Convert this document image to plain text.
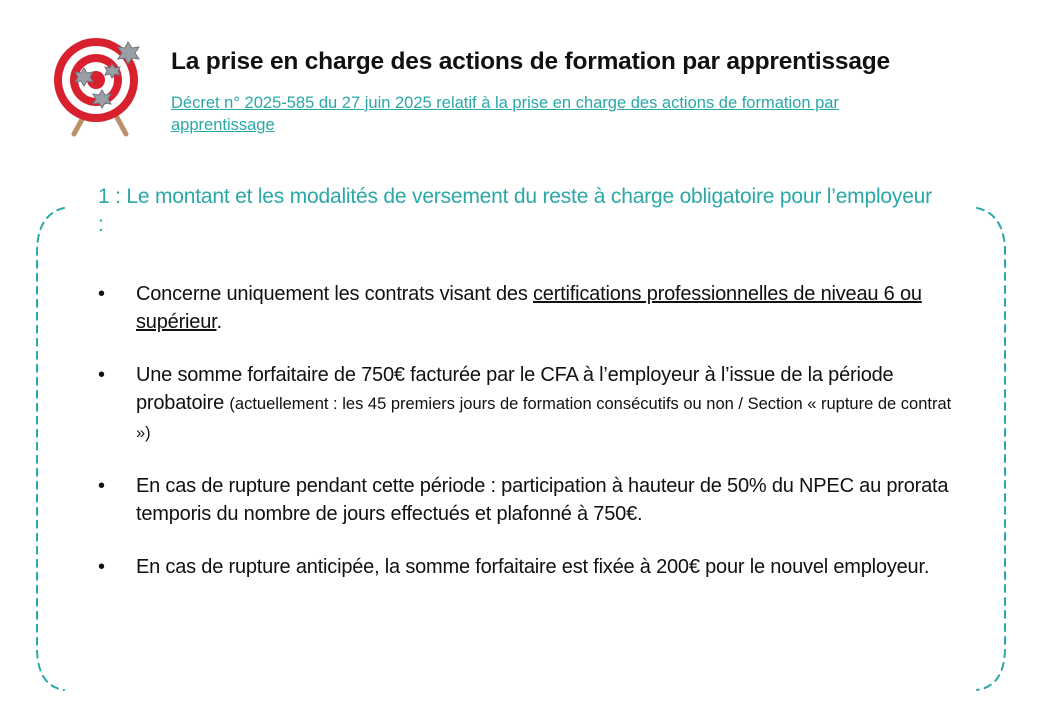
La prise en charge des actions de formation par apprentissage
Décret n° 2025-585 du 27 juin 2025 relatif à la prise en charge des actions de formation par apprentissage
1 : Le montant et les modalités de versement du reste à charge obligatoire pour l’employeur :
• Concerne uniquement les contrats visant des certifications professionnelles de niveau 6 ou supérieur.
• Une somme forfaitaire de 750€ facturée par le CFA à l’employeur à l’issue de la période probatoire (actuellement : les 45 premiers jours de formation consécutifs ou non / Section « rupture de contrat »)
• En cas de rupture pendant cette période : participation à hauteur de 50% du NPEC au prorata temporis du nombre de jours effectués et plafonné à 750€.
• En cas de rupture anticipée, la somme forfaitaire est fixée à 200€ pour le nouvel employeur.
